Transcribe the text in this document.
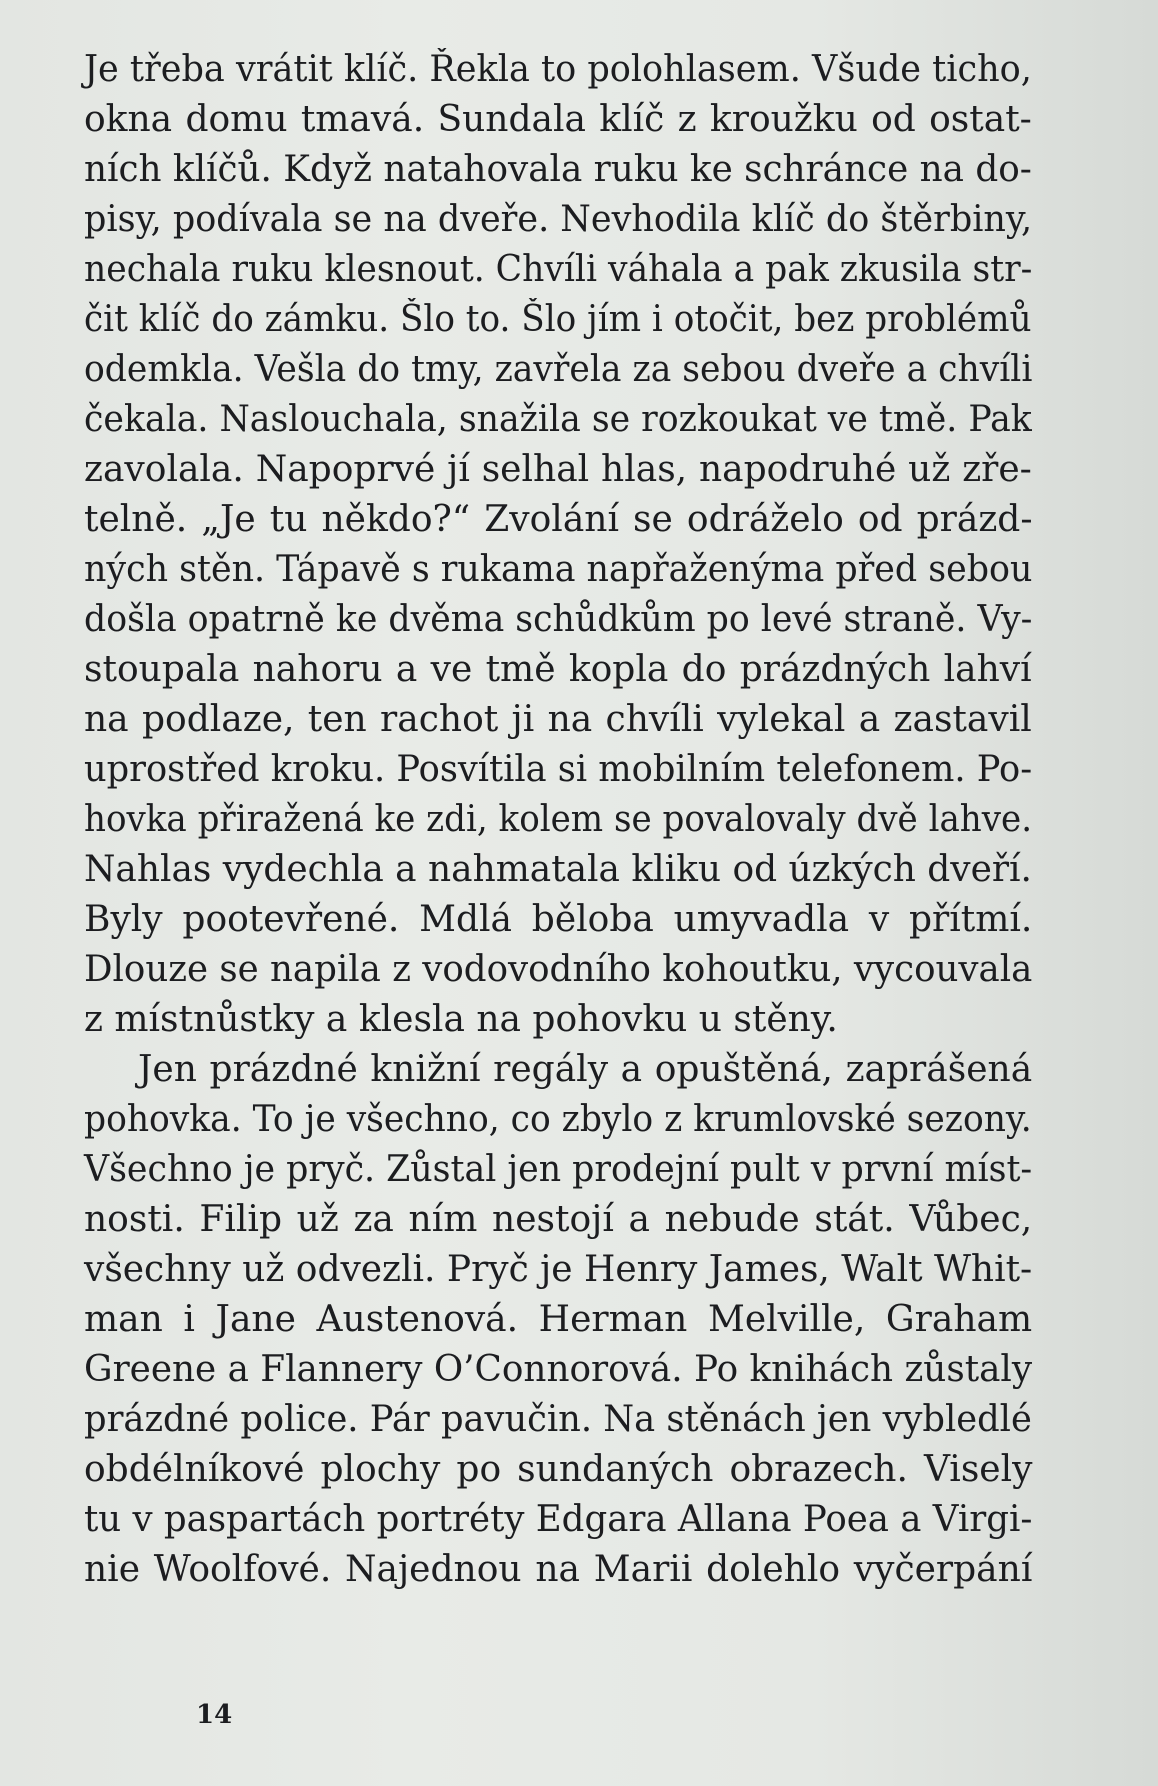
Je třeba vrátit klíč. Řekla to polohlasem. Všude ticho,
okna domu tmavá. Sundala klíč z kroužku od ostat-
ních klíčů. Když natahovala ruku ke schránce na do-
pisy, podívala se na dveře. Nevhodila klíč do štěrbiny,
nechala ruku klesnout. Chvíli váhala a pak zkusila str-
čit klíč do zámku. Šlo to. Šlo jím i otočit, bez problémů
odemkla. Vešla do tmy, zavřela za sebou dveře a chvíli
čekala. Naslouchala, snažila se rozkoukat ve tmě. Pak
zavolala. Napoprvé jí selhal hlas, napodruhé už zře-
telně. „Je tu někdo?“ Zvolání se odráželo od prázd-
ných stěn. Tápavě s rukama napřaženýma před sebou
došla opatrně ke dvěma schůdkům po levé straně. Vy-
stoupala nahoru a ve tmě kopla do prázdných lahví
na podlaze, ten rachot ji na chvíli vylekal a zastavil
uprostřed kroku. Posvítila si mobilním telefonem. Po-
hovka přiražená ke zdi, kolem se povalovaly dvě lahve.
Nahlas vydechla a nahmatala kliku od úzkých dveří.
Byly pootevřené. Mdlá běloba umyvadla v přítmí.
Dlouze se napila z vodovodního kohoutku, vycouvala
z místnůstky a klesla na pohovku u stěny.
Jen prázdné knižní regály a opuštěná, zaprášená
pohovka. To je všechno, co zbylo z krumlovské sezony.
Všechno je pryč. Zůstal jen prodejní pult v první míst-
nosti. Filip už za ním nestojí a nebude stát. Vůbec,
všechny už odvezli. Pryč je Henry James, Walt Whit-
man i Jane Austenová. Herman Melville, Graham
Greene a Flannery O’Connorová. Po knihách zůstaly
prázdné police. Pár pavučin. Na stěnách jen vybledlé
obdélníkové plochy po sundaných obrazech. Visely
tu v paspartách portréty Edgara Allana Poea a Virgi-
nie Woolfové. Najednou na Marii dolehlo vyčerpání
14
